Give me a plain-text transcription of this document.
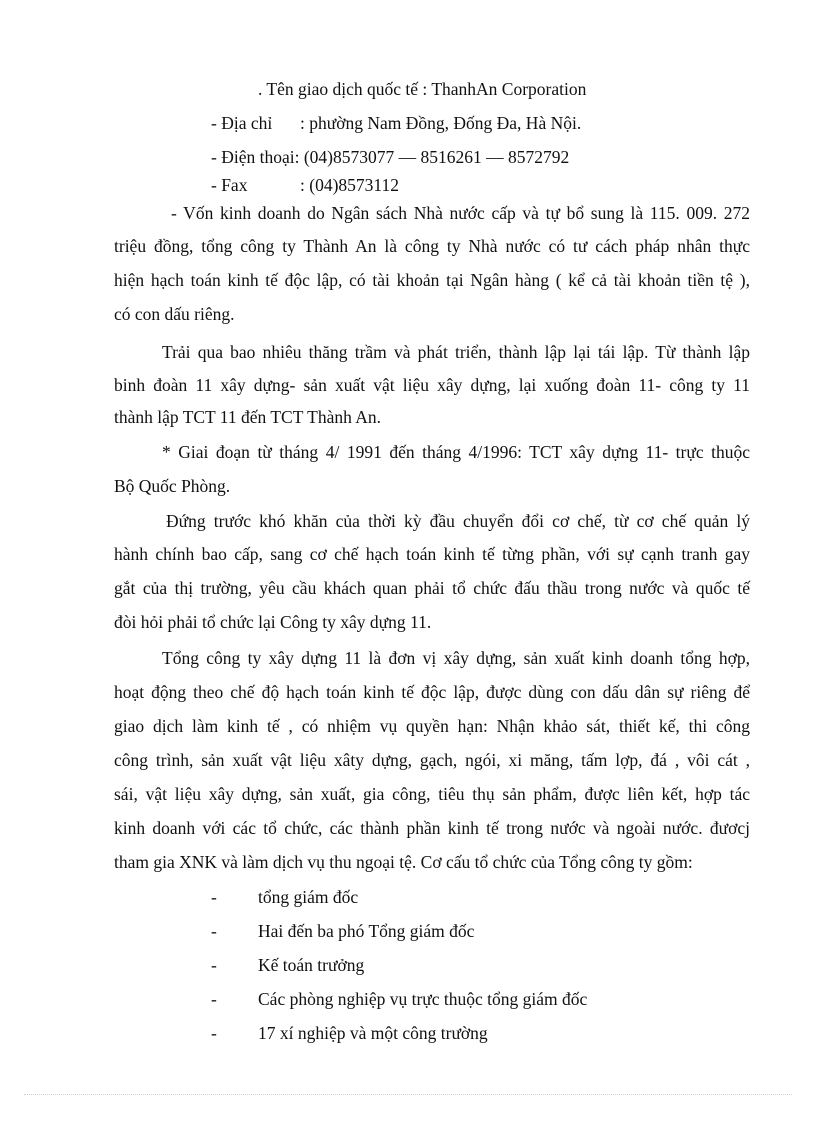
. Tên giao dịch quốc tế : ThanhAn Corporation
- Địa chỉ : phường Nam Đồng, Đống Đa, Hà Nội.
- Điện thoại: (04)8573077 — 8516261 — 8572792
- Fax	: (04)8573112
- Vốn kinh doanh do Ngân sách Nhà nước cấp và tự bổ sung là 115. 009. 272
triệu đồng, tổng công ty Thành An là công ty Nhà nước có tư cách pháp nhân thực
hiện hạch toán kinh tế độc lập, có tài khoản tại Ngân hàng ( kể cả tài khoản tiền tệ ),
có con dấu riêng.
Trải qua bao nhiêu thăng trầm và phát triển, thành lập lại tái lập. Từ thành lập
binh đoàn 11 xây dựng- sản xuất vật liệu xây dựng, lại xuống đoàn 11- công ty 11
thành lập TCT 11 đến TCT Thành An.
* Giai đoạn từ tháng 4/ 1991 đến tháng 4/1996: TCT xây dựng 11- trực thuộc
Bộ Quốc Phòng.
Đứng trước khó khăn của thời kỳ đầu chuyển đổi cơ chế, từ cơ chế quản lý
hành chính bao cấp, sang cơ chế hạch toán kinh tế từng phần, với sự cạnh tranh gay
gắt của thị trường, yêu cầu khách quan phải tổ chức đấu thầu trong nước và quốc tế
đòi hỏi phải tổ chức lại Công ty xây dựng 11.
Tổng công ty xây dựng 11 là đơn vị xây dựng, sản xuất kinh doanh tổng hợp,
hoạt động theo chế độ hạch toán kinh tế độc lập, được dùng con dấu dân sự riêng để
giao dịch làm kinh tế , có nhiệm vụ quyền hạn: Nhận khảo sát, thiết kế, thi công
công trình, sản xuất vật liệu xâty dựng, gạch, ngói, xi măng, tấm lợp, đá , vôi cát ,
sái, vật liệu xây dựng, sản xuất, gia công, tiêu thụ sản phẩm, được liên kết, hợp tác
kinh doanh với các tổ chức, các thành phần kinh tế trong nước và ngoài nước. đươcj
tham gia XNK và làm dịch vụ thu ngoại tệ. Cơ cấu tổ chức của Tổng công ty gồm:
- tổng giám đốc
- Hai đến ba phó Tổng giám đốc
- Kế toán trưởng
- Các phòng nghiệp vụ trực thuộc tổng giám đốc
- 17 xí nghiệp và một công trường
